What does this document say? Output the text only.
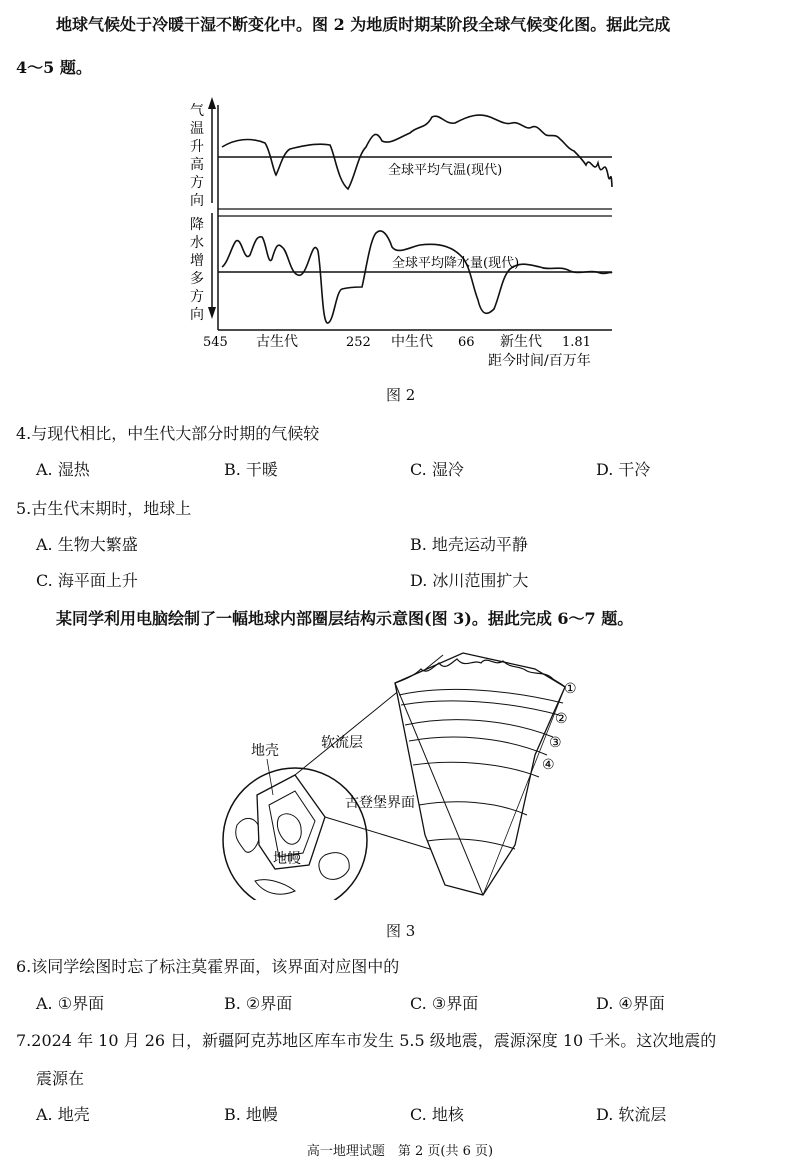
地球气候处于冷暖干湿不断变化中。图 2 为地质时期某阶段全球气候变化图。据此完成
4～5 题。
气
温
升
高
方
向
降
水
增
多
方
向
全球平均气温(现代)
全球平均降水量(现代)
545	252	66	1.81
古生代	中生代	新生代
距今时间/百万年
图 2
4.与现代相比，中生代大部分时期的气候较
A. 湿热	B. 干暖	C. 湿冷	D. 干冷
5.古生代末期时，地球上
A. 生物大繁盛	B. 地壳运动平静
C. 海平面上升	D. 冰川范围扩大
某同学利用电脑绘制了一幅地球内部圈层结构示意图(图 3)。据此完成 6～7 题。
①
②
③
④
地壳	软流层
古登堡界面
地幔
图 3
6.该同学绘图时忘了标注莫霍界面，该界面对应图中的
A. ①界面	B. ②界面	C. ③界面	D. ④界面
7.2024 年 10 月 26 日，新疆阿克苏地区库车市发生 5.5 级地震，震源深度 10 千米。这次地震的
震源在
A. 地壳	B. 地幔	C. 地核	D. 软流层
高一地理试题　第 2 页(共 6 页)
